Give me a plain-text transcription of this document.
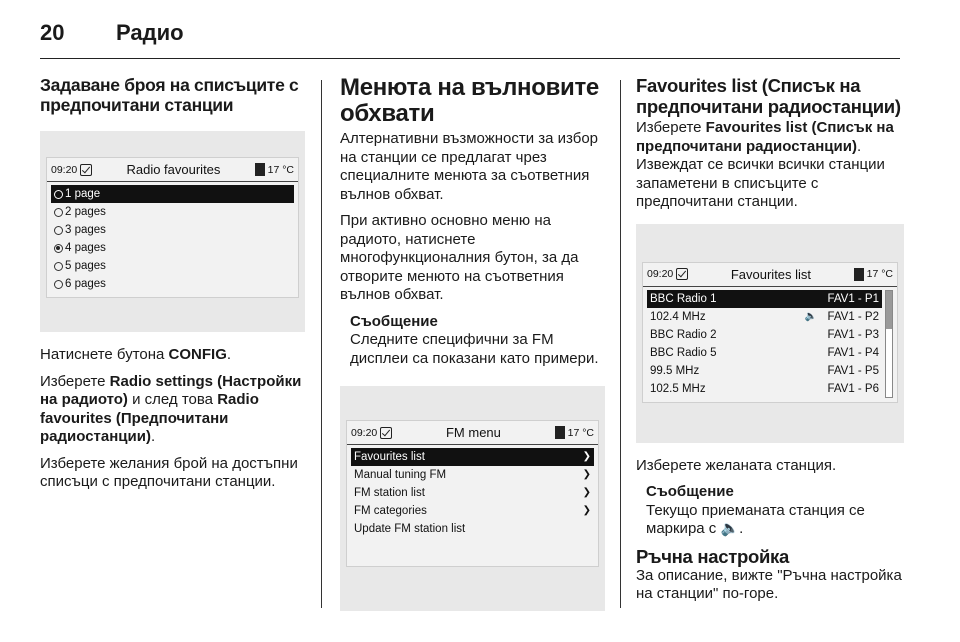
20	Радио
Задаване броя на списъците с предпочитани станции
09:20	Radio favourites	17 °C
1 page
2 pages
3 pages
4 pages
5 pages
6 pages

Натиснете бутона CONFIG.

Изберете Radio settings (Настройки на радиото) и след това Radio favourites (Предпочитани радиостанции).

Изберете желания брой на достъпни списъци с предпочитани станции.

Менюта на вълновите обхвати

Алтернативни възможности за избор на станции се предлагат чрез специалните менюта за съответния вълнов обхват.

При активно основно меню на радиото, натиснете многофункционалния бутон, за да отворите менюто на съответния вълнов обхват.

Съобщение
Следните специфични за FM дисплеи са показани като примери.
09:20	FM menu	17 °C
Favourites list	❯
Manual tuning FM	❯
FM station list	❯
FM categories	❯
Update FM station list
Favourites list (Списък на предпочитани радиостанции)

Изберете Favourites list (Списък на предпочитани радиостанции). Извеждат се всички всички станции запаметени в списъците с предпочитани станции.

09:20	Favourites list	17 °C
BBC Radio 1	FAV1 - P1
102.4 MHz	🔈 FAV1 - P2
BBC Radio 2	FAV1 - P3
BBC Radio 5	FAV1 - P4
99.5 MHz	FAV1 - P5
102.5 MHz	FAV1 - P6

Изберете желаната станция.

Съобщение
Текущо приеманата станция се маркира с 🔈.
Ръчна настройка

За описание, вижте "Ръчна настройка на станции" по-горе.
